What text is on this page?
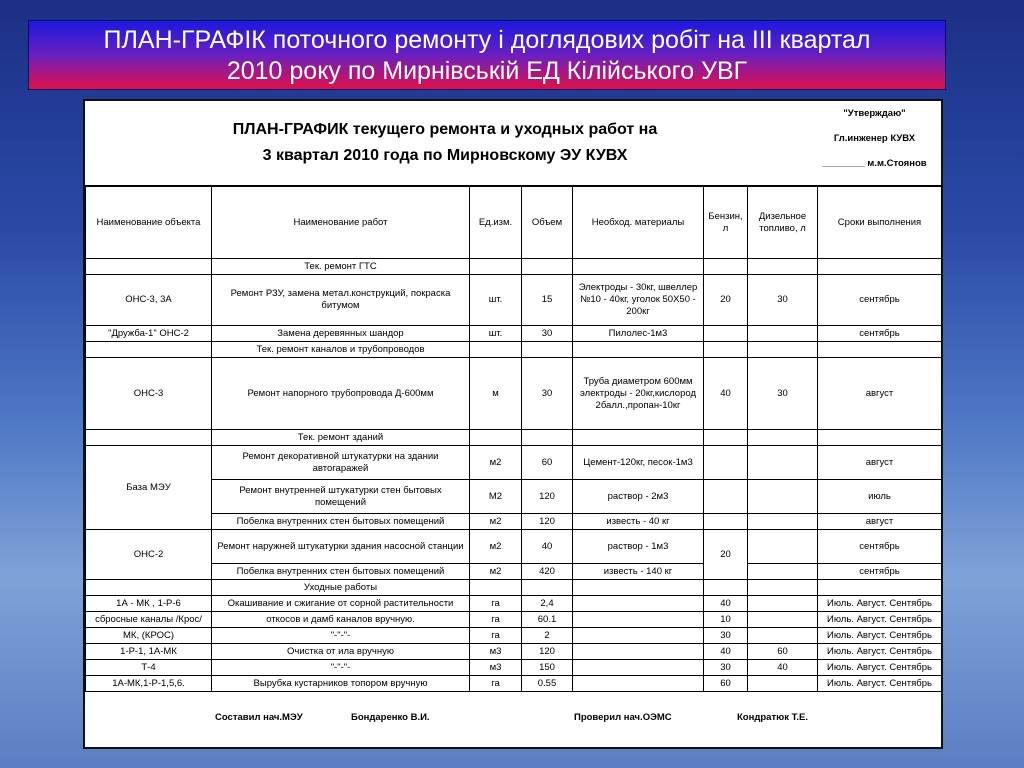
ПЛАН-ГРАФІК поточного ремонту і доглядових робіт на ІІІ квартал
2010 року по Мирнівській ЕД Кілійського УВГ
ПЛАН-ГРАФИК текущего ремонта и уходных работ на
3 квартал 2010 года по Мирновскому ЭУ КУВХ
"Утверждаю"
Гл.инженер КУВХ
________ м.м.Стоянов
Наименование объекта	Наименование работ	Ед.изм.	Объем	Необход. материалы	Бензин, л	Дизельное топливо, л	Сроки выполнения
	Тек. ремонт ГТС						
ОНС-3, 3А	Ремонт РЗУ, замена метал.конструкций, покраска битумом	шт.	15	Электроды - 30кг, швеллер №10 - 40кг, уголок 50Х50 - 200кг	20	30	сентябрь
"Дружба-1" ОНС-2	Замена деревянных шандор	шт.	30	Пилолес-1м3			сентябрь
	Тек. ремонт каналов и трубопроводов						
ОНС-3	Ремонт напорного трубопровода Д-600мм	м	30	Труба диаметром 600мм электроды - 20кг,кислород 2балл.,пропан-10кг	40	30	август
	Тек. ремонт зданий						
База МЭУ	Ремонт декоративной штукатурки на здании автогаражей	м2	60	Цемент-120кг, песок-1м3			август
	Ремонт внутренней штукатурки стен бытовых помещений	М2	120	раствор - 2м3			июль
	Побелка внутренних стен бытовых помещений	м2	120	известь - 40 кг			август
ОНС-2	Ремонт наружней штукатурки здания насосной станции	м2	40	раствор - 1м3	20		сентябрь
	Побелка внутренних стен бытовых помещений	м2	420	известь - 140 кг			сентябрь
	Уходные работы						
1А - МК , 1-Р-6	Окашивание и сжигание от сорной растительности	га	2,4		40		Июль. Август. Сентябрь
сбросные каналы /Крос/	откосов и дамб каналов вручную.	га	60.1		10		Июль. Август. Сентябрь
МК, (КРОС)	"-"-"-	га	2		30		Июль. Август. Сентябрь
1-Р-1, 1А-МК	Очистка от ила вручную	м3	120		40	60	Июль. Август. Сентябрь
Т-4	"-"-"-	м3	150		30	40	Июль. Август. Сентябрь
1А-МК,1-Р-1,5,6.	Вырубка кустарников топором вручную	га	0.55		60		Июль. Август. Сентябрь
Составил нач.МЭУ	Бондаренко В.И.	Проверил нач.ОЭМС	Кондратюк Т.Е.
